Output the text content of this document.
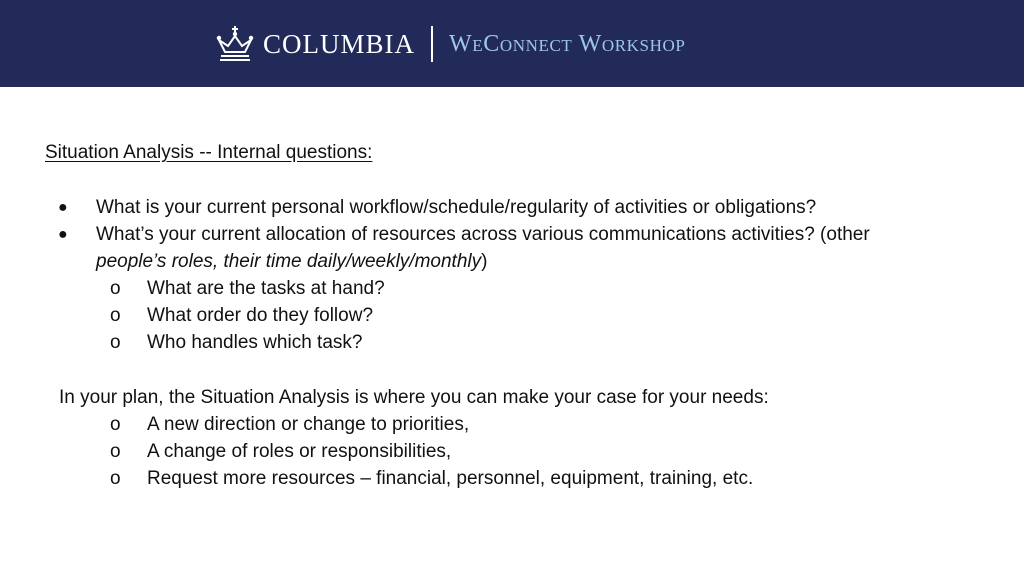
COLUMBIA WeConnect Workshop
Situation Analysis -- Internal questions:
● What is your current personal workflow/schedule/regularity of activities or obligations?
● What’s your current allocation of resources across various communications activities? (other
people’s roles, their time daily/weekly/monthly)
o What are the tasks at hand?
o What order do they follow?
o Who handles which task?
In your plan, the Situation Analysis is where you can make your case for your needs:
o A new direction or change to priorities,
o A change of roles or responsibilities,
o Request more resources – financial, personnel, equipment, training, etc.
